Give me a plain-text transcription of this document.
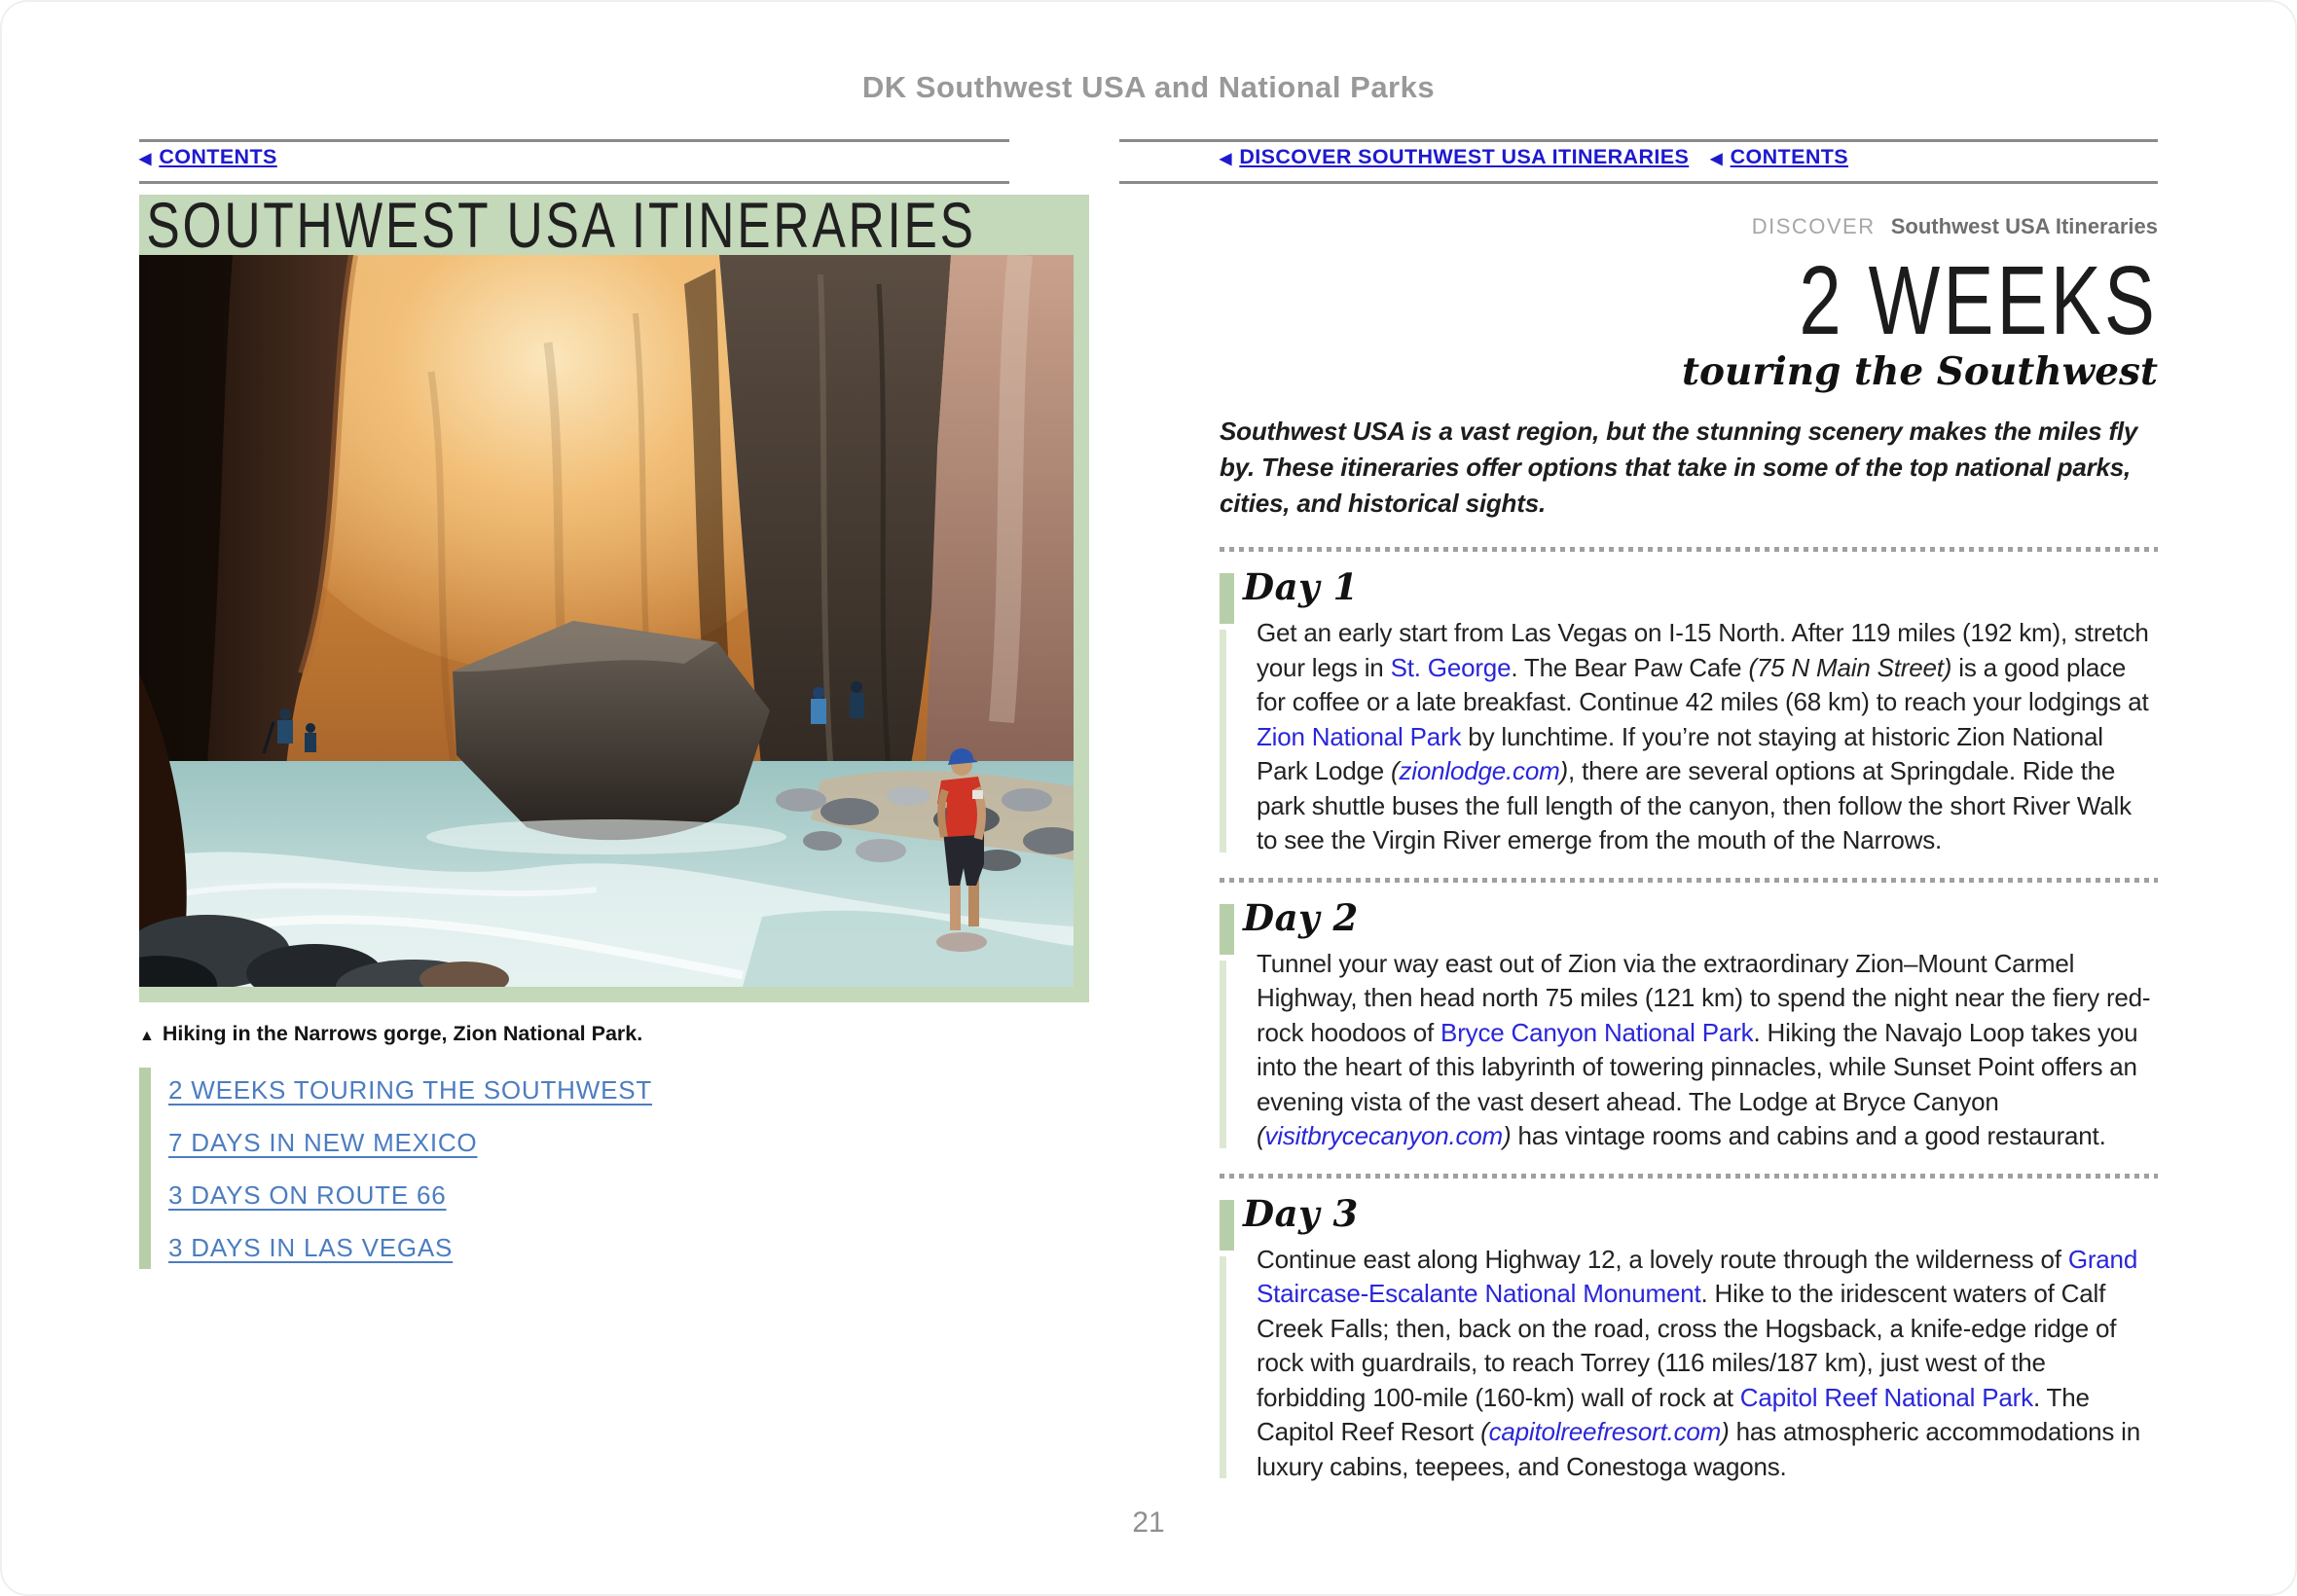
DK Southwest USA and National Parks
◀ CONTENTS	◀ DISCOVER SOUTHWEST USA ITINERARIES ◀ CONTENTS
SOUTHWEST USA ITINERARIES
▲ Hiking in the Narrows gorge, Zion National Park.
2 WEEKS TOURING THE SOUTHWEST
7 DAYS IN NEW MEXICO
3 DAYS ON ROUTE 66
3 DAYS IN LAS VEGAS
DISCOVER Southwest USA Itineraries
2 WEEKS
touring the Southwest

Southwest USA is a vast region, but the stunning scenery makes the miles fly by. These itineraries offer options that take in some of the top national parks, cities, and historical sights.

Day 1

Get an early start from Las Vegas on I-15 North. After 119 miles (192 km), stretch your legs in St. George. The Bear Paw Cafe (75 N Main Street) is a good place for coffee or a late breakfast. Continue 42 miles (68 km) to reach your lodgings at Zion National Park by lunchtime. If you’re not staying at historic Zion National Park Lodge (zionlodge.com), there are several options at Springdale. Ride the park shuttle buses the full length of the canyon, then follow the short River Walk to see the Virgin River emerge from the mouth of the Narrows.

Day 2

Tunnel your way east out of Zion via the extraordinary Zion–Mount Carmel Highway, then head north 75 miles (121 km) to spend the night near the fiery red-rock hoodoos of Bryce Canyon National Park. Hiking the Navajo Loop takes you into the heart of this labyrinth of towering pinnacles, while Sunset Point offers an evening vista of the vast desert ahead. The Lodge at Bryce Canyon (visitbrycecanyon.com) has vintage rooms and cabins and a good restaurant.

Day 3

Continue east along Highway 12, a lovely route through the wilderness of Grand Staircase-Escalante National Monument. Hike to the iridescent waters of Calf Creek Falls; then, back on the road, cross the Hogsback, a knife-edge ridge of rock with guardrails, to reach Torrey (116 miles/187 km), just west of the forbidding 100-mile (160-km) wall of rock at Capitol Reef National Park. The Capitol Reef Resort (capitolreefresort.com) has atmospheric accommodations in luxury cabins, teepees, and Conestoga wagons.

21
